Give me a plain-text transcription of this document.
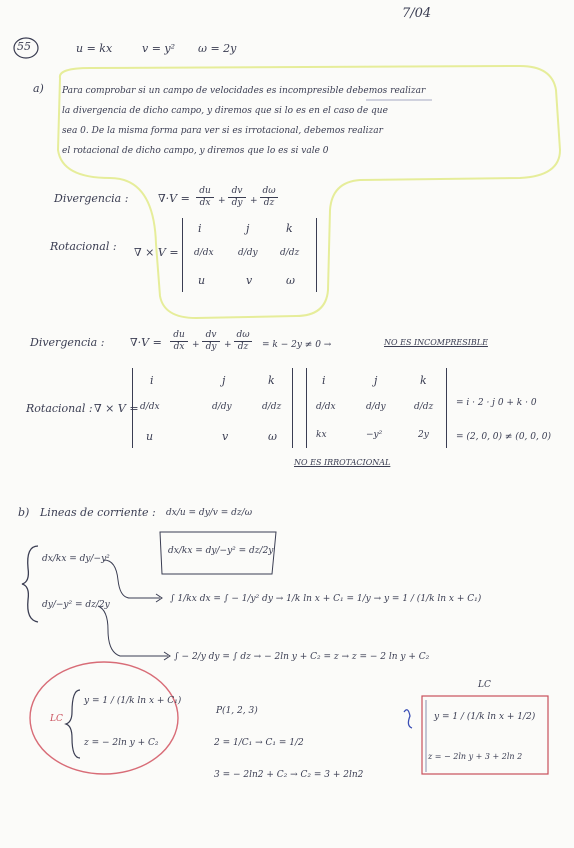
7/04
55	u = kx	v = y² ω = 2y
a) Para comprobar si un campo de velocidades es incompresible debemos realizar
la divergencia de dicho campo, y diremos que si lo es en el caso de que
sea 0. De la misma forma para ver si es irrotacional, debemos realizar
el rotacional de dicho campo, y diremos que lo es si vale 0
Divergencia :	$\nabla\cdot V = \frac{du}{dx} + \frac{dv}{dy} + \frac{d\omega}{dz}$
Rotacional : ∇ × V =
i	j	k
d/dx	d/dy d/dz
u	v	ω
Divergencia : $\nabla\cdot V = \frac{du}{dx} + \frac{dv}{dy} + \frac{d\omega}{dz} = k - 2y \ne 0$ →	NO ES INCOMPRESIBLE
Rotacional : ∇ × V =
i	j	k
d/dx	d/dy	d/dz
u	v	ω
i	j	k
d/dx	d/dy	d/dz
kx	−y²	2y
= i · 2 · j 0 + k · 0
= (2, 0, 0) ≠ (0, 0, 0)
NO ES IRROTACIONAL
b) Lineas de corriente : dx/u = dy/v = dz/ω
dx/kx = dy/−y² = dz/2y
dx/kx = dy/−y²
dy/−y² = dz/2y
∫ 1/kx dx = ∫ − 1/y² dy → 1/k ln x + C₁ = 1/y → y = 1 / (1/k ln x + C₁)
∫ − 2/y dy = ∫ dz → − 2ln y + C₂ = z → z = − 2 ln y + C₂
LC
y = 1 / (1/k ln x + C₁)
z = − 2ln y + C₂
P(1, 2, 3)
2 = 1/C₁ → C₁ = 1/2
3 = − 2ln2 + C₂ → C₂ = 3 + 2ln2
LC
y = 1 / (1/k ln x + 1/2)
z = − 2ln y + 3 + 2ln 2
